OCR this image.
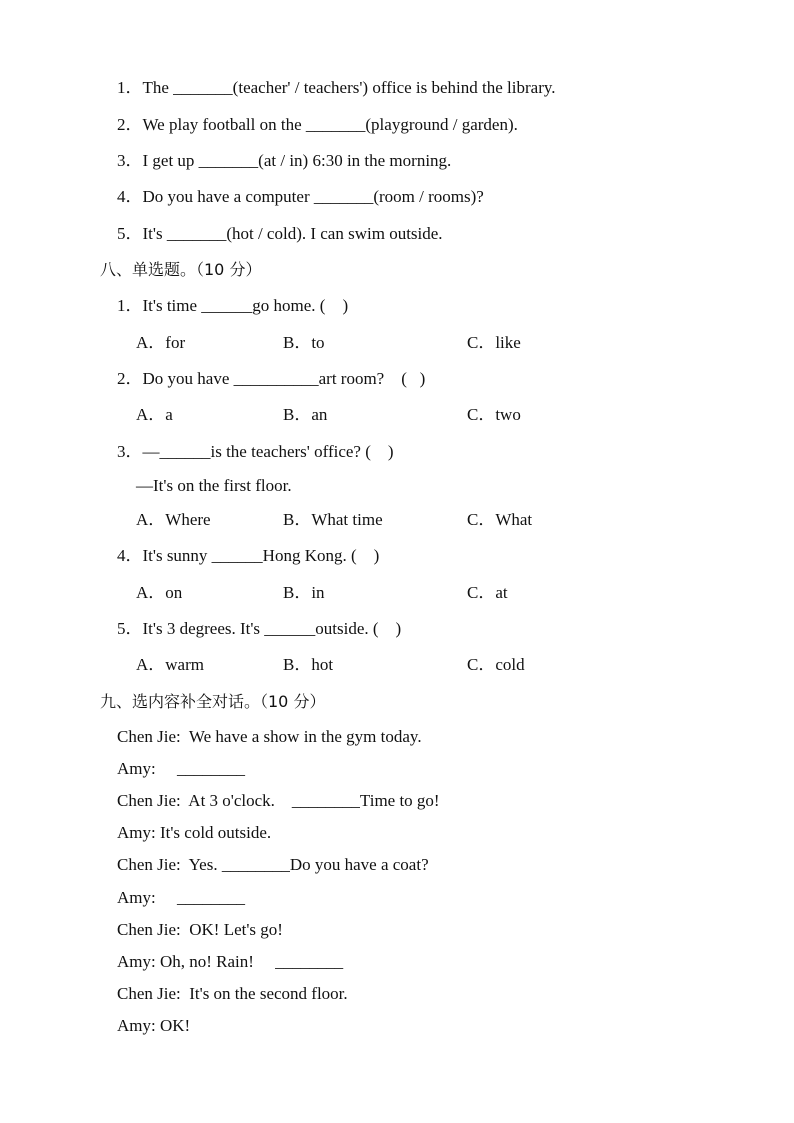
1．The _______(teacher' / teachers') office is behind the library.
2．We play football on the _______(playground / garden).
3．I get up _______(at / in) 6:30 in the morning.
4．Do you have a computer _______(room / rooms)?
5．It's _______(hot / cold). I can swim outside.
八、单选题。（10 分）
1．It's time ______go home. (    )
A．for	B．to	C．like
2．Do you have __________art room?    (   )
A．a	B．an	C．two
3．—______is the teachers' office? (    )
—It's on the first floor.
A．Where	B．What time	C．What
4．It's sunny ______Hong Kong. (    )
A．on	B．in	C．at
5．It's 3 degrees. It's ______outside. (    )
A．warm	B．hot	C．cold
九、选内容补全对话。（10 分）
Chen Jie:  We have a show in the gym today.
Amy:     ________
Chen Jie:  At 3 o'clock.    ________Time to go!
Amy: It's cold outside.
Chen Jie:  Yes. ________Do you have a coat?
Amy:     ________
Chen Jie:  OK! Let's go!
Amy: Oh, no! Rain!     ________
Chen Jie:  It's on the second floor.
Amy: OK!
